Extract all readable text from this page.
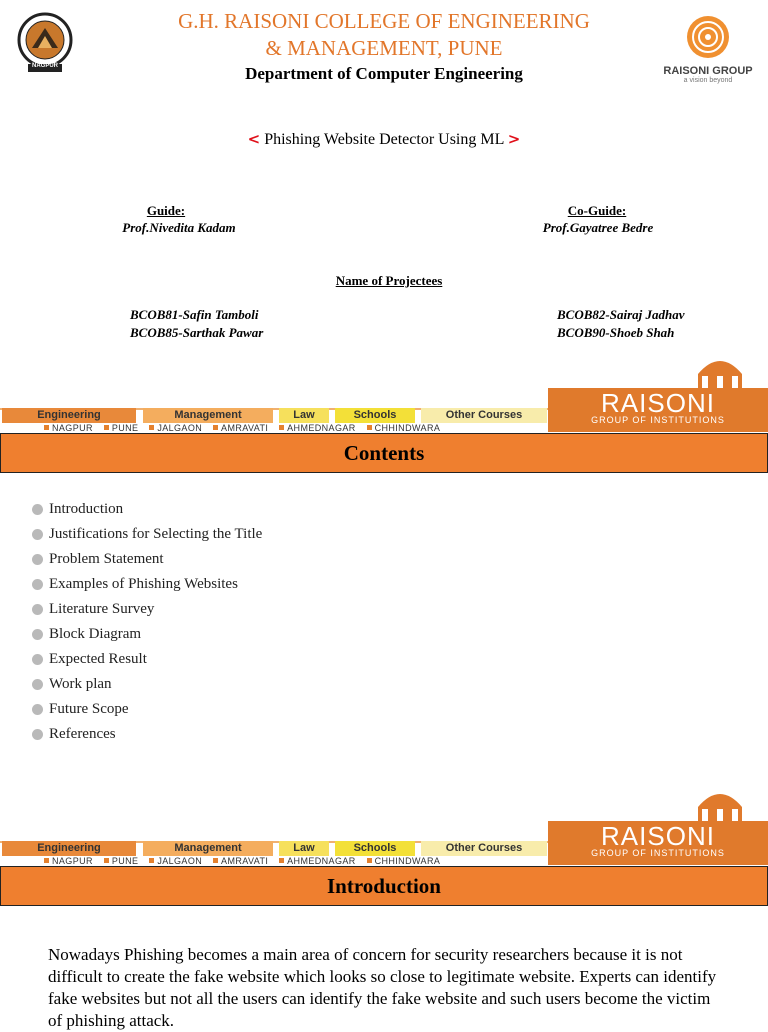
NAGPUR
G.H. RAISONI COLLEGE OF ENGINEERING
& MANAGEMENT, PUNE
RAISONI GROUP
a vision beyond
Department of Computer Engineering
< Phishing Website Detector Using ML >
Guide:
Prof.Nivedita Kadam
Co-Guide:
Prof.Gayatree Bedre
Name of Projectees
BCOB81-Safin Tamboli	BCOB82-Sairaj Jadhav
BCOB85-Sarthak Pawar	BCOB90-Shoeb Shah
Engineering	Management	Law	Schools	Other Courses
NAGPUR PUNE JALGAON AMRAVATI AHMEDNAGAR CHHINDWARA
RAISONI
GROUP OF INSTITUTIONS
Contents
Introduction
Justifications for Selecting the Title
Problem Statement
Examples of Phishing Websites
Literature Survey
Block Diagram
Expected Result
Work plan
Future Scope
References
Engineering	Management	Law	Schools	Other Courses
NAGPUR PUNE JALGAON AMRAVATI AHMEDNAGAR CHHINDWARA
RAISONI
GROUP OF INSTITUTIONS
Introduction
Nowadays Phishing becomes a main area of concern for security researchers because it is not difficult to create the fake website which looks so close to legitimate website. Experts can identify fake websites but not all the users can identify the fake website and such users become the victim of phishing attack.
